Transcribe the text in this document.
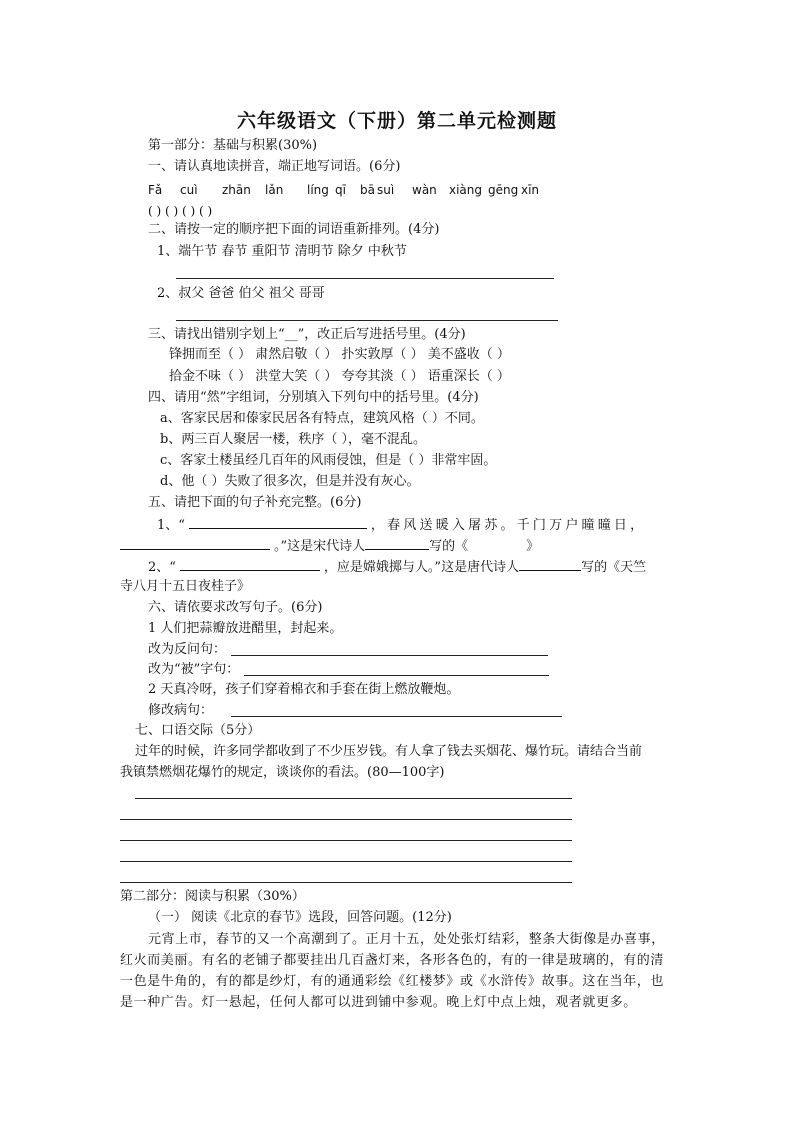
六年级语文（下册）第二单元检测题
第一部分：基础与积累(30%)
一、请认真地读拼音，端正地写词语。(6分)
Fǎ cuì zhān lǎn líng qī bā suì wàn xiàng gēng xīn
( ) ( ) ( ) ( )
二、请按一定的顺序把下面的词语重新排列。(4分)
1、端午节 春节 重阳节 清明节 除夕 中秋节
2、叔父 爸爸 伯父 祖父 哥哥
三、请找出错别字划上“__”，改正后写进括号里。(4分)
锋拥而至（ ） 肃然启敬（ ） 扑实敦厚（ ） 美不盛收（ ）
拾金不味（ ） 洪堂大笑（ ） 夸夸其淡（ ） 语重深长（ ）
四、请用“然”字组词，分别填入下列句中的括号里。(4分)
a、客家民居和傣家民居各有特点，建筑风格（ ）不同。
b、两三百人聚居一楼，秩序（ ），毫不混乱。
c、客家土楼虽经几百年的风雨侵蚀，但是（ ）非常牢固。
d、他（ ）失败了很多次，但是并没有灰心。
五、请把下面的句子补充完整。(6分)
1、“	，春风送暖入屠苏。千门万户曈曈日，
。”这是宋代诗人	写的《	》
2、“	，应是嫦娥掷与人。”这是唐代诗人	写的《天竺
寺八月十五日夜桂子》
六、请依要求改写句子。(6分)
1 人们把蒜瓣放进醋里，封起来。
改为反问句：
改为“被”字句：
2 天真冷呀，孩子们穿着棉衣和手套在街上燃放鞭炮。
修改病句：
七、口语交际（5分）
过年的时候，许多同学都收到了不少压岁钱。有人拿了钱去买烟花、爆竹玩。请结合当前
我镇禁燃烟花爆竹的规定，谈谈你的看法。(80—100字)
第二部分：阅读与积累（30%）
（一） 阅读《北京的春节》选段，回答问题。(12分)
元宵上市，春节的又一个高潮到了。正月十五，处处张灯结彩，整条大街像是办喜事，
红火而美丽。有名的老铺子都要挂出几百盏灯来，各形各色的，有的一律是玻璃的，有的清
一色是牛角的，有的都是纱灯，有的通通彩绘《红楼梦》或《水浒传》故事。这在当年，也
是一种广告。灯一悬起，任何人都可以进到铺中参观。晚上灯中点上烛，观者就更多。
